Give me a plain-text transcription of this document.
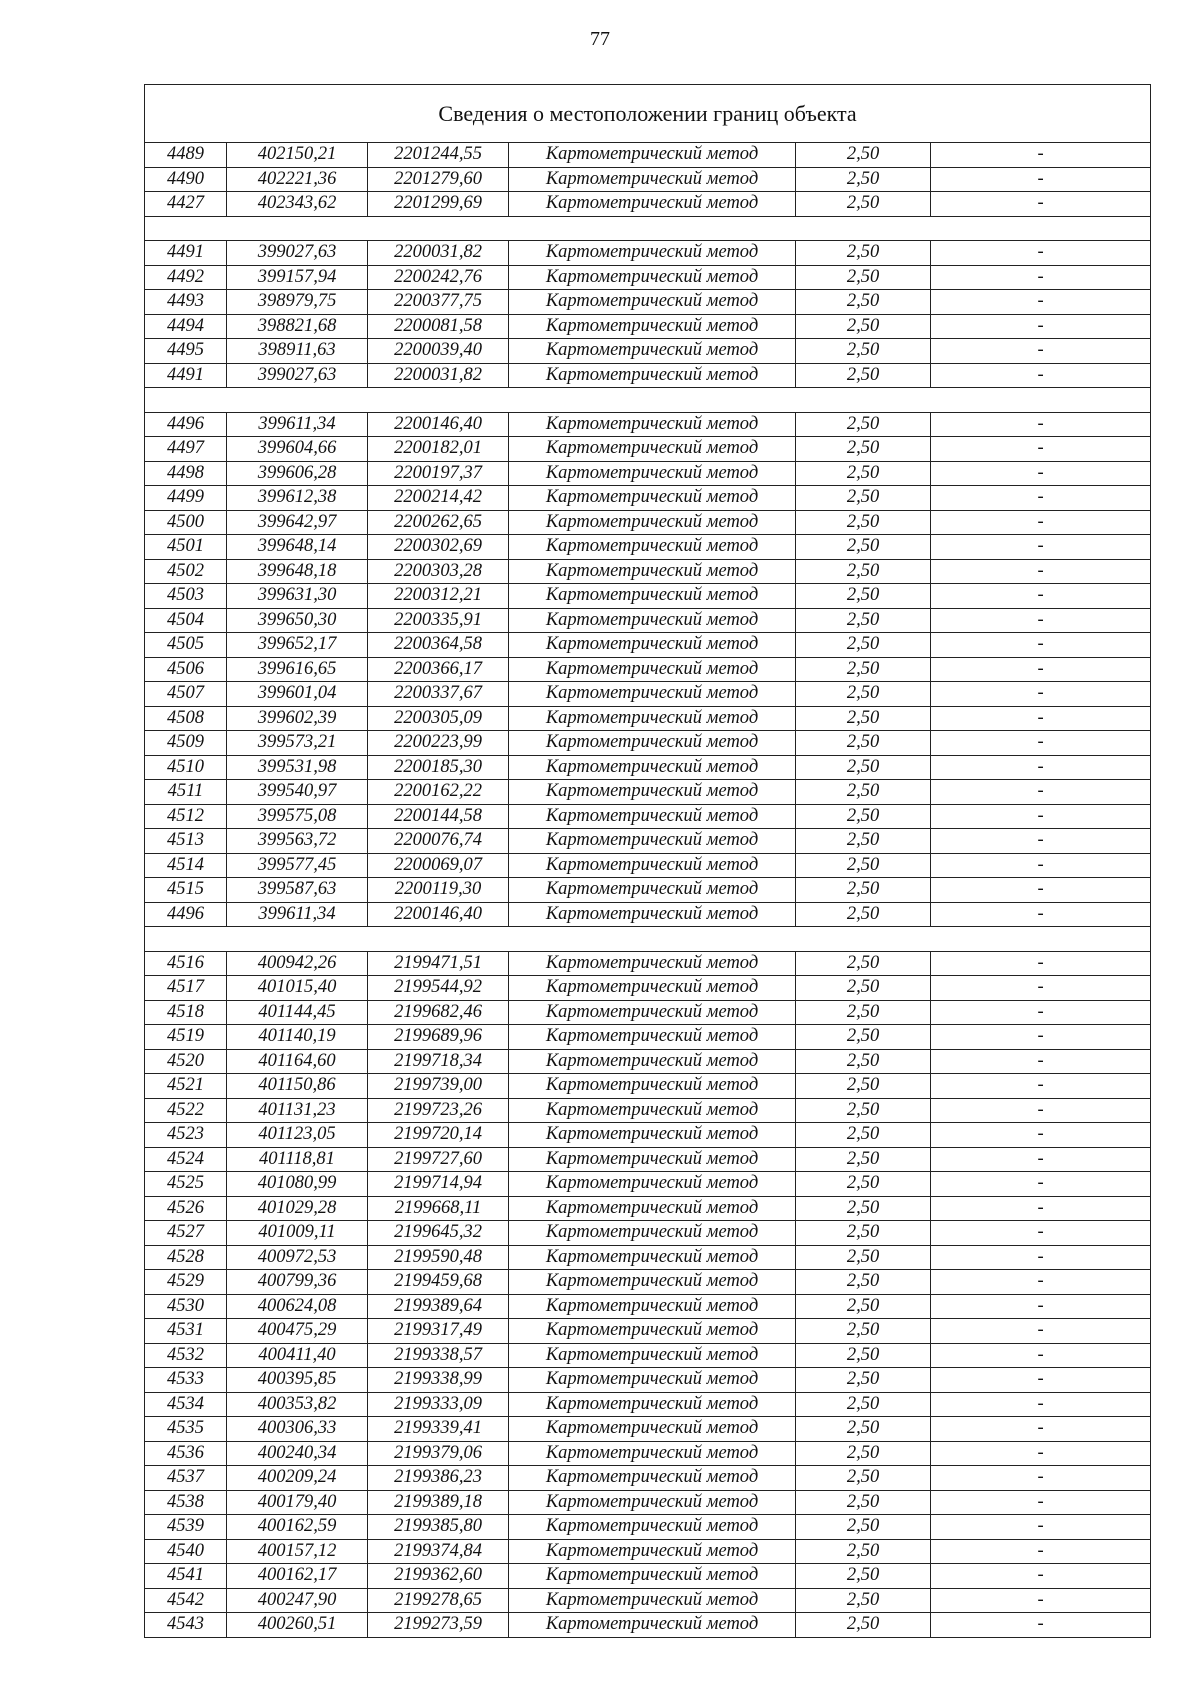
77
Сведения о местоположении границ объекта					
4489	402150,21	2201244,55	Картометрический метод	2,50	-
4490	402221,36	2201279,60	Картометрический метод	2,50	-
4427	402343,62	2201299,69	Картометрический метод	2,50	-

4491	399027,63	2200031,82	Картометрический метод	2,50	-
4492	399157,94	2200242,76	Картометрический метод	2,50	-
4493	398979,75	2200377,75	Картометрический метод	2,50	-
4494	398821,68	2200081,58	Картометрический метод	2,50	-
4495	398911,63	2200039,40	Картометрический метод	2,50	-
4491	399027,63	2200031,82	Картометрический метод	2,50	-

4496	399611,34	2200146,40	Картометрический метод	2,50	-
4497	399604,66	2200182,01	Картометрический метод	2,50	-
4498	399606,28	2200197,37	Картометрический метод	2,50	-
4499	399612,38	2200214,42	Картометрический метод	2,50	-
4500	399642,97	2200262,65	Картометрический метод	2,50	-
4501	399648,14	2200302,69	Картометрический метод	2,50	-
4502	399648,18	2200303,28	Картометрический метод	2,50	-
4503	399631,30	2200312,21	Картометрический метод	2,50	-
4504	399650,30	2200335,91	Картометрический метод	2,50	-
4505	399652,17	2200364,58	Картометрический метод	2,50	-
4506	399616,65	2200366,17	Картометрический метод	2,50	-
4507	399601,04	2200337,67	Картометрический метод	2,50	-
4508	399602,39	2200305,09	Картометрический метод	2,50	-
4509	399573,21	2200223,99	Картометрический метод	2,50	-
4510	399531,98	2200185,30	Картометрический метод	2,50	-
4511	399540,97	2200162,22	Картометрический метод	2,50	-
4512	399575,08	2200144,58	Картометрический метод	2,50	-
4513	399563,72	2200076,74	Картометрический метод	2,50	-
4514	399577,45	2200069,07	Картометрический метод	2,50	-
4515	399587,63	2200119,30	Картометрический метод	2,50	-
4496	399611,34	2200146,40	Картометрический метод	2,50	-

4516	400942,26	2199471,51	Картометрический метод	2,50	-
4517	401015,40	2199544,92	Картометрический метод	2,50	-
4518	401144,45	2199682,46	Картометрический метод	2,50	-
4519	401140,19	2199689,96	Картометрический метод	2,50	-
4520	401164,60	2199718,34	Картометрический метод	2,50	-
4521	401150,86	2199739,00	Картометрический метод	2,50	-
4522	401131,23	2199723,26	Картометрический метод	2,50	-
4523	401123,05	2199720,14	Картометрический метод	2,50	-
4524	401118,81	2199727,60	Картометрический метод	2,50	-
4525	401080,99	2199714,94	Картометрический метод	2,50	-
4526	401029,28	2199668,11	Картометрический метод	2,50	-
4527	401009,11	2199645,32	Картометрический метод	2,50	-
4528	400972,53	2199590,48	Картометрический метод	2,50	-
4529	400799,36	2199459,68	Картометрический метод	2,50	-
4530	400624,08	2199389,64	Картометрический метод	2,50	-
4531	400475,29	2199317,49	Картометрический метод	2,50	-
4532	400411,40	2199338,57	Картометрический метод	2,50	-
4533	400395,85	2199338,99	Картометрический метод	2,50	-
4534	400353,82	2199333,09	Картометрический метод	2,50	-
4535	400306,33	2199339,41	Картометрический метод	2,50	-
4536	400240,34	2199379,06	Картометрический метод	2,50	-
4537	400209,24	2199386,23	Картометрический метод	2,50	-
4538	400179,40	2199389,18	Картометрический метод	2,50	-
4539	400162,59	2199385,80	Картометрический метод	2,50	-
4540	400157,12	2199374,84	Картометрический метод	2,50	-
4541	400162,17	2199362,60	Картометрический метод	2,50	-
4542	400247,90	2199278,65	Картометрический метод	2,50	-
4543	400260,51	2199273,59	Картометрический метод	2,50	-
